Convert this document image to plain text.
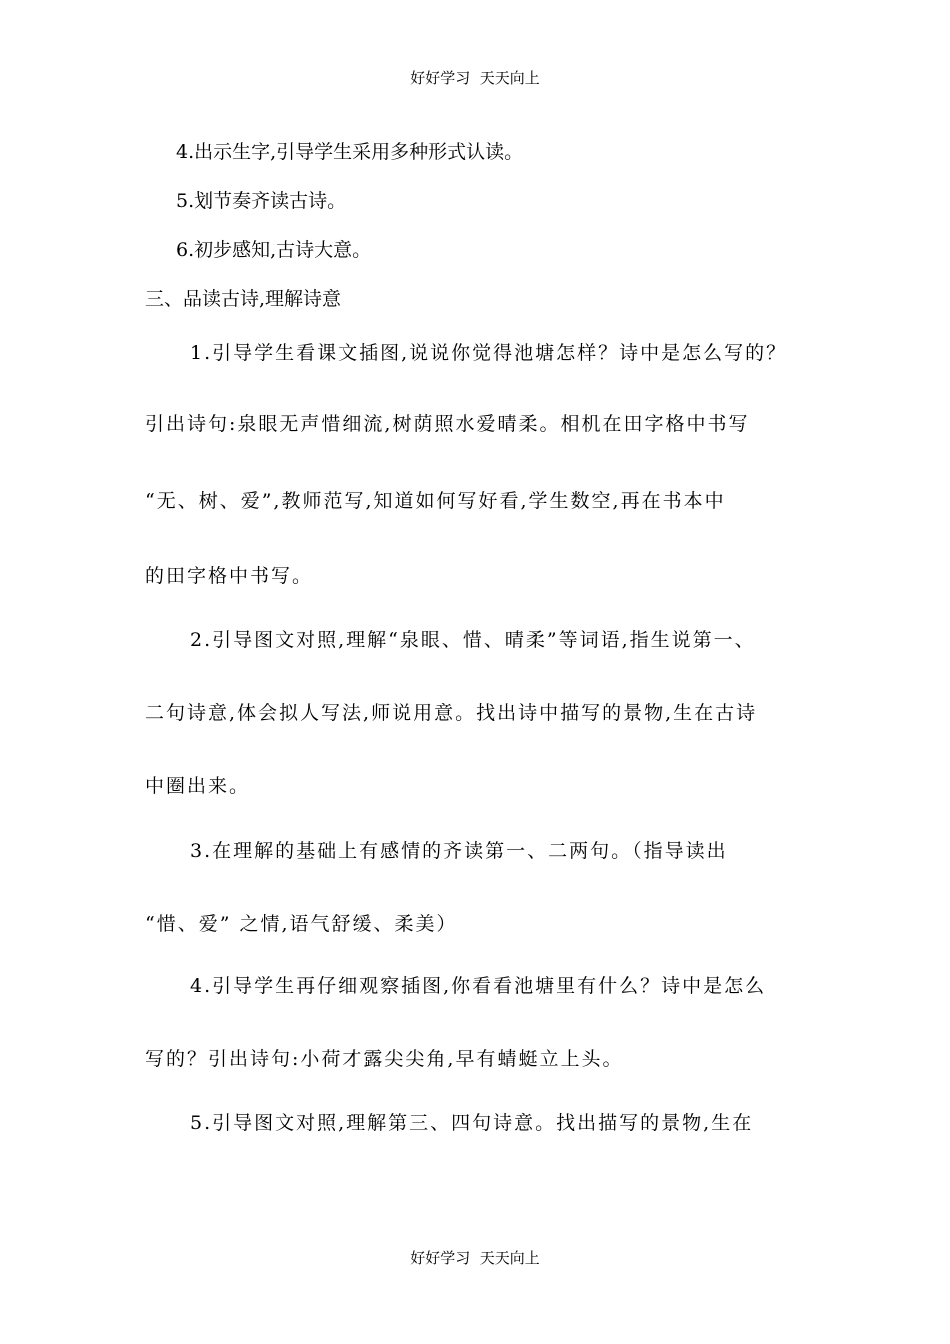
好好学习  天天向上
4.出示生字,引导学生采用多种形式认读。
5.划节奏齐读古诗。
6.初步感知,古诗大意。
三、品读古诗,理解诗意
1.引导学生看课文插图,说说你觉得池塘怎样？诗中是怎么写的？
引出诗句:泉眼无声惜细流,树荫照水爱晴柔。相机在田字格中书写
“无、树、爱”,教师范写,知道如何写好看,学生数空,再在书本中
的田字格中书写。
2.引导图文对照,理解“泉眼、惜、晴柔”等词语,指生说第一、
二句诗意,体会拟人写法,师说用意。找出诗中描写的景物,生在古诗
中圈出来。
3.在理解的基础上有感情的齐读第一、二两句。（指导读出
“惜、爱” 之情,语气舒缓、柔美）
4.引导学生再仔细观察插图,你看看池塘里有什么？诗中是怎么
写的？引出诗句:小荷才露尖尖角,早有蜻蜓立上头。
5.引导图文对照,理解第三、四句诗意。找出描写的景物,生在
好好学习  天天向上
